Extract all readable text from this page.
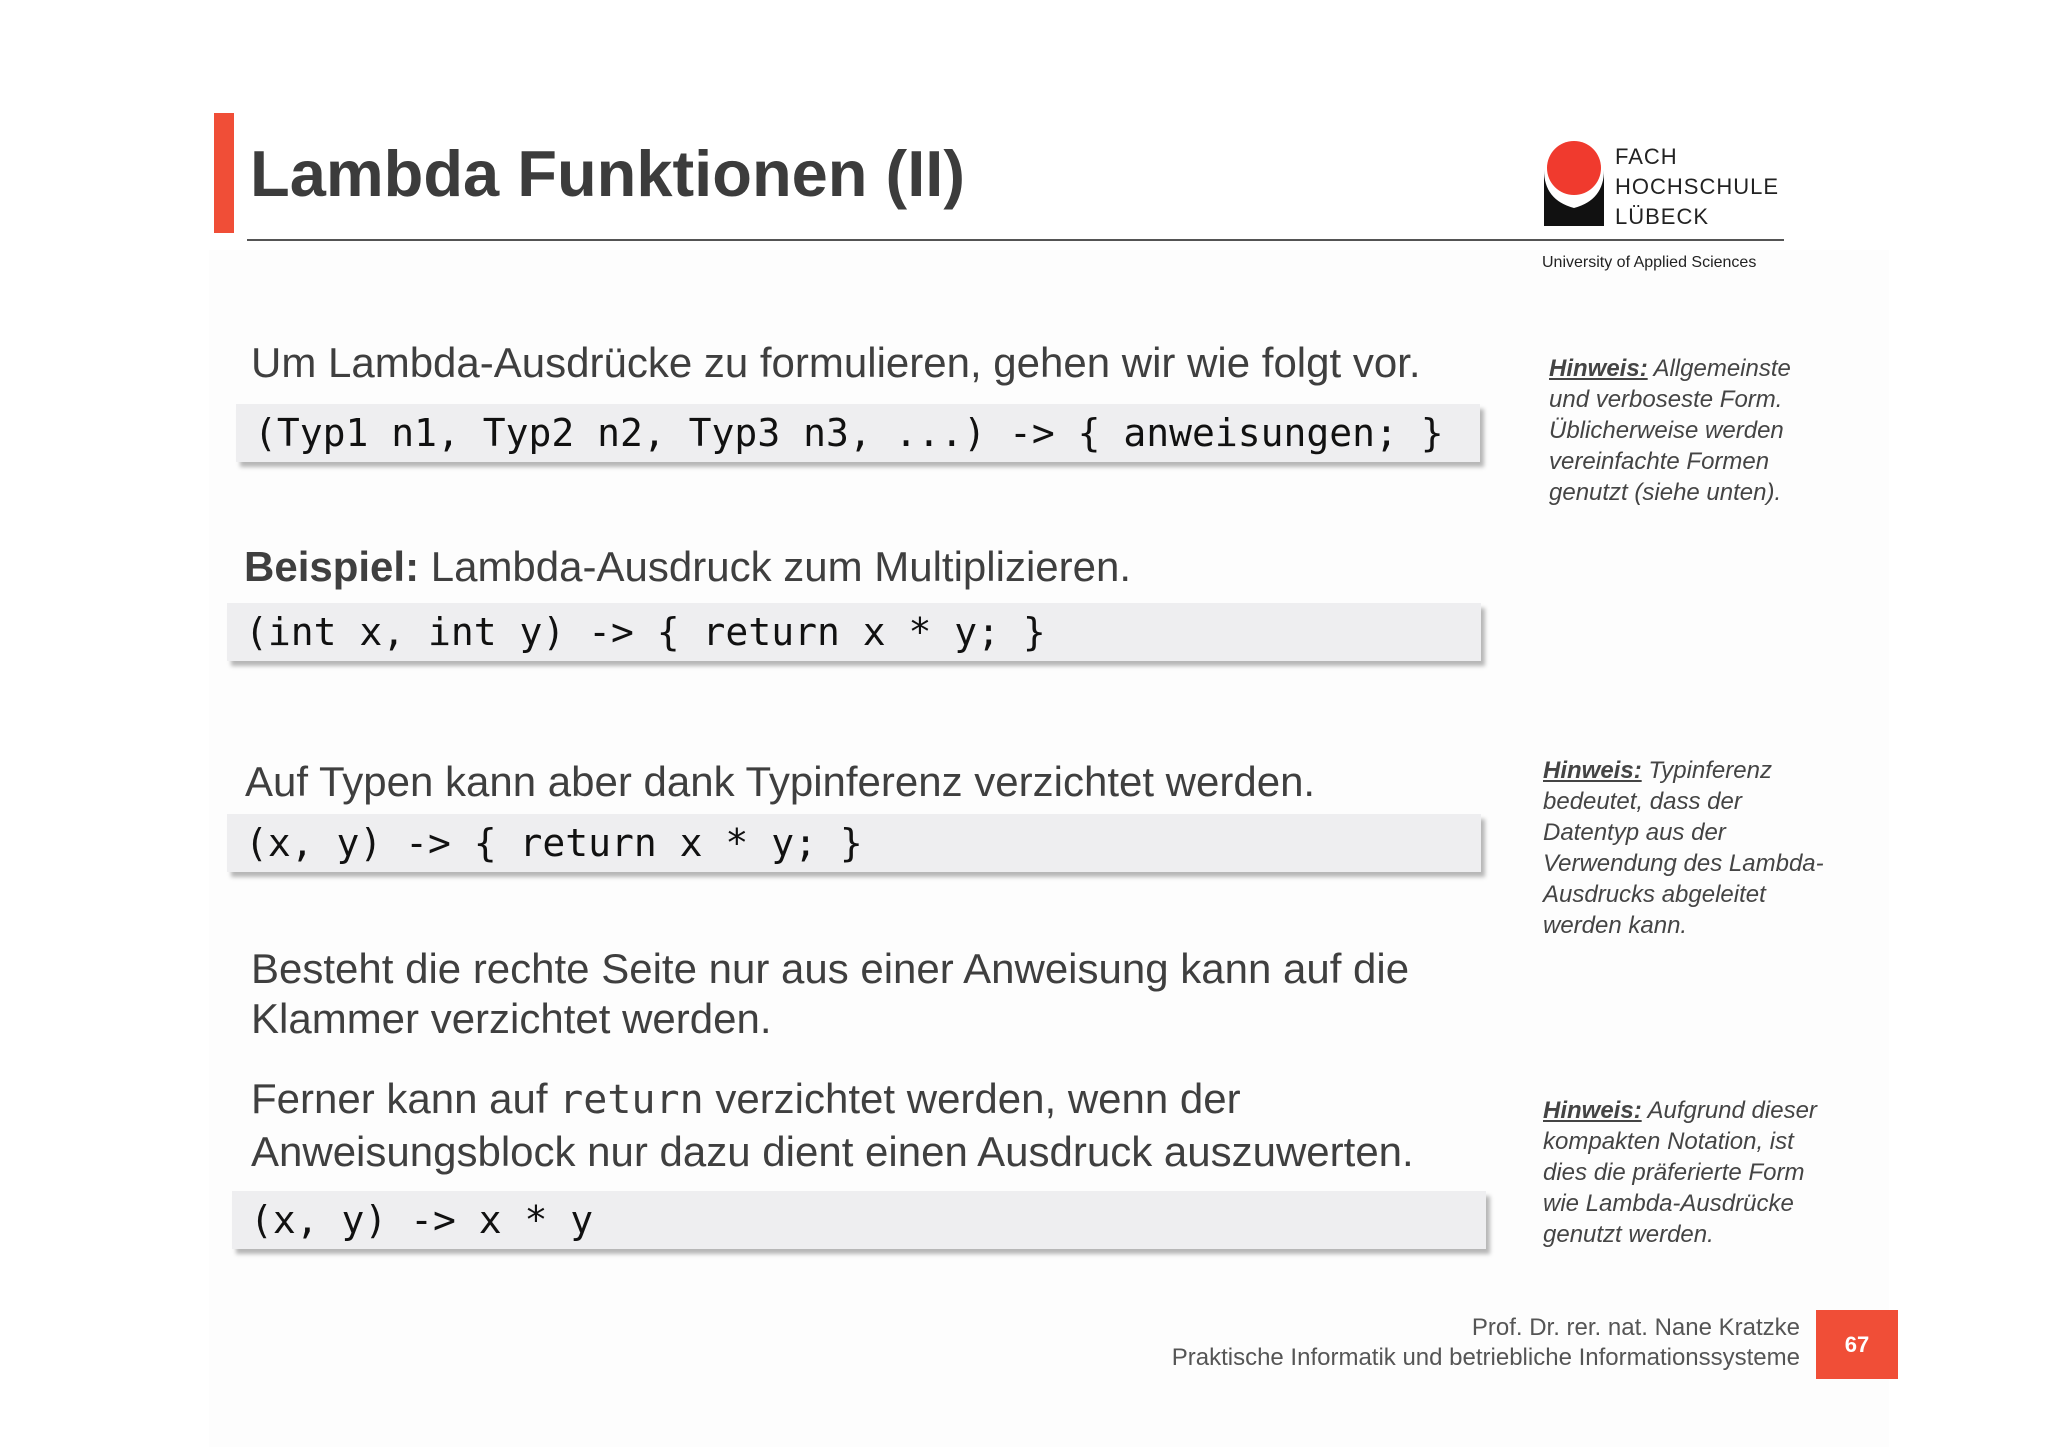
Lambda Funktionen (II)	FACH
HOCHSCHULE
LÜBECK
University of Applied Sciences
Um Lambda-Ausdrücke zu formulieren, gehen wir wie folgt vor.
(Typ1 n1, Typ2 n2, Typ3 n3, ...) -> { anweisungen; }
Beispiel: Lambda-Ausdruck zum Multiplizieren.
(int x, int y) -> { return x * y; }
Auf Typen kann aber dank Typinferenz verzichtet werden.
(x, y) -> { return x * y; }
Besteht die rechte Seite nur aus einer Anweisung kann auf die
Klammer verzichtet werden.
Ferner kann auf return verzichtet werden, wenn der
Anweisungsblock nur dazu dient einen Ausdruck auszuwerten.
(x, y) -> x * y
Hinweis: Allgemeinste
und verboseste Form.
Üblicherweise werden
vereinfachte Formen
genutzt (siehe unten).
Hinweis: Typinferenz
bedeutet, dass der
Datentyp aus der
Verwendung des Lambda-
Ausdrucks abgeleitet
werden kann.
Hinweis: Aufgrund dieser
kompakten Notation, ist
dies die präferierte Form
wie Lambda-Ausdrücke
genutzt werden.
Prof. Dr. rer. nat. Nane Kratzke
Praktische Informatik und betriebliche Informationssysteme	67
